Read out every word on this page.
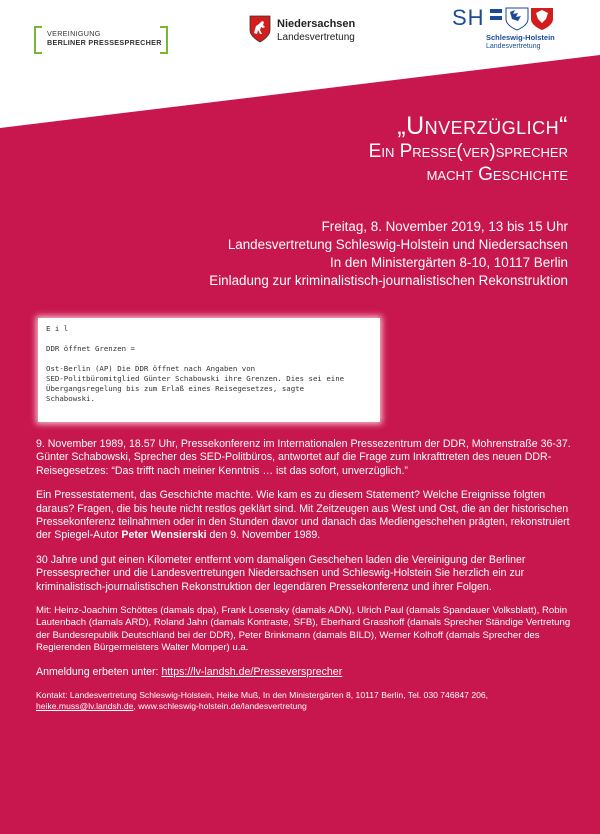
VEREINIGUNG
BERLINER PRESSESPRECHER
Niedersachsen
Landesvertretung
SH
Schleswig-Holstein
Landesvertretung
„Unverzüglich“
Ein Presse(ver)sprecher
macht Geschichte
Freitag, 8. November 2019, 13 bis 15 Uhr
Landesvertretung Schleswig-Holstein und Niedersachsen
In den Ministergärten 8-10, 10117 Berlin
Einladung zur kriminalistisch-journalistischen Rekonstruktion
E i l

DDR öffnet Grenzen =

Ost-Berlin (AP) Die DDR öffnet nach Angaben von
SED-Politbüromitglied Günter Schabowski ihre Grenzen. Dies sei eine
Übergangsregelung bis zum Erlaß eines Reisegesetzes, sagte
Schabowski.

9. November 1989, 18.57 Uhr, Pressekonferenz im Internationalen Pressezentrum der DDR, Mohrenstraße 36-37. Günter Schabowski, Sprecher des SED-Politbüros, antwortet auf die Frage zum Inkrafttreten des neuen DDR-Reisegesetzes: “Das trifft nach meiner Kenntnis … ist das sofort, unverzüglich.”

Ein Pressestatement, das Geschichte machte. Wie kam es zu diesem Statement? Welche Ereignisse folgten daraus? Fragen, die bis heute nicht restlos geklärt sind. Mit Zeitzeugen aus West und Ost, die an der historischen Pressekonferenz teilnahmen oder in den Stunden davor und danach das Mediengeschehen prägten, rekonstruiert der Spiegel-Autor Peter Wensierski den 9. November 1989.

30 Jahre und gut einen Kilometer entfernt vom damaligen Geschehen laden die Vereinigung der Berliner Pressesprecher und die Landesvertretungen Niedersachsen und Schleswig-Holstein Sie herzlich ein zur kriminalistisch-journalistischen Rekonstruktion der legendären Pressekonferenz und ihrer Folgen.

Mit: Heinz-Joachim Schöttes (damals dpa), Frank Losensky (damals ADN), Ulrich Paul (damals Spandauer Volksblatt), Robin Lautenbach (damals ARD), Roland Jahn (damals Kontraste, SFB), Eberhard Grasshoff (damals Sprecher Ständige Vertretung der Bundesrepublik Deutschland bei der DDR), Peter Brinkmann (damals BILD), Werner Kolhoff (damals Sprecher des Regierenden Bürgermeisters Walter Momper) u.a.

Anmeldung erbeten unter: https://lv-landsh.de/Presseversprecher

Kontakt: Landesvertretung Schleswig-Holstein, Heike Muß, In den Ministergärten 8, 10117 Berlin, Tel. 030 746847 206,
heike.muss@lv.landsh.de, www.schleswig-holstein.de/landesvertretung
